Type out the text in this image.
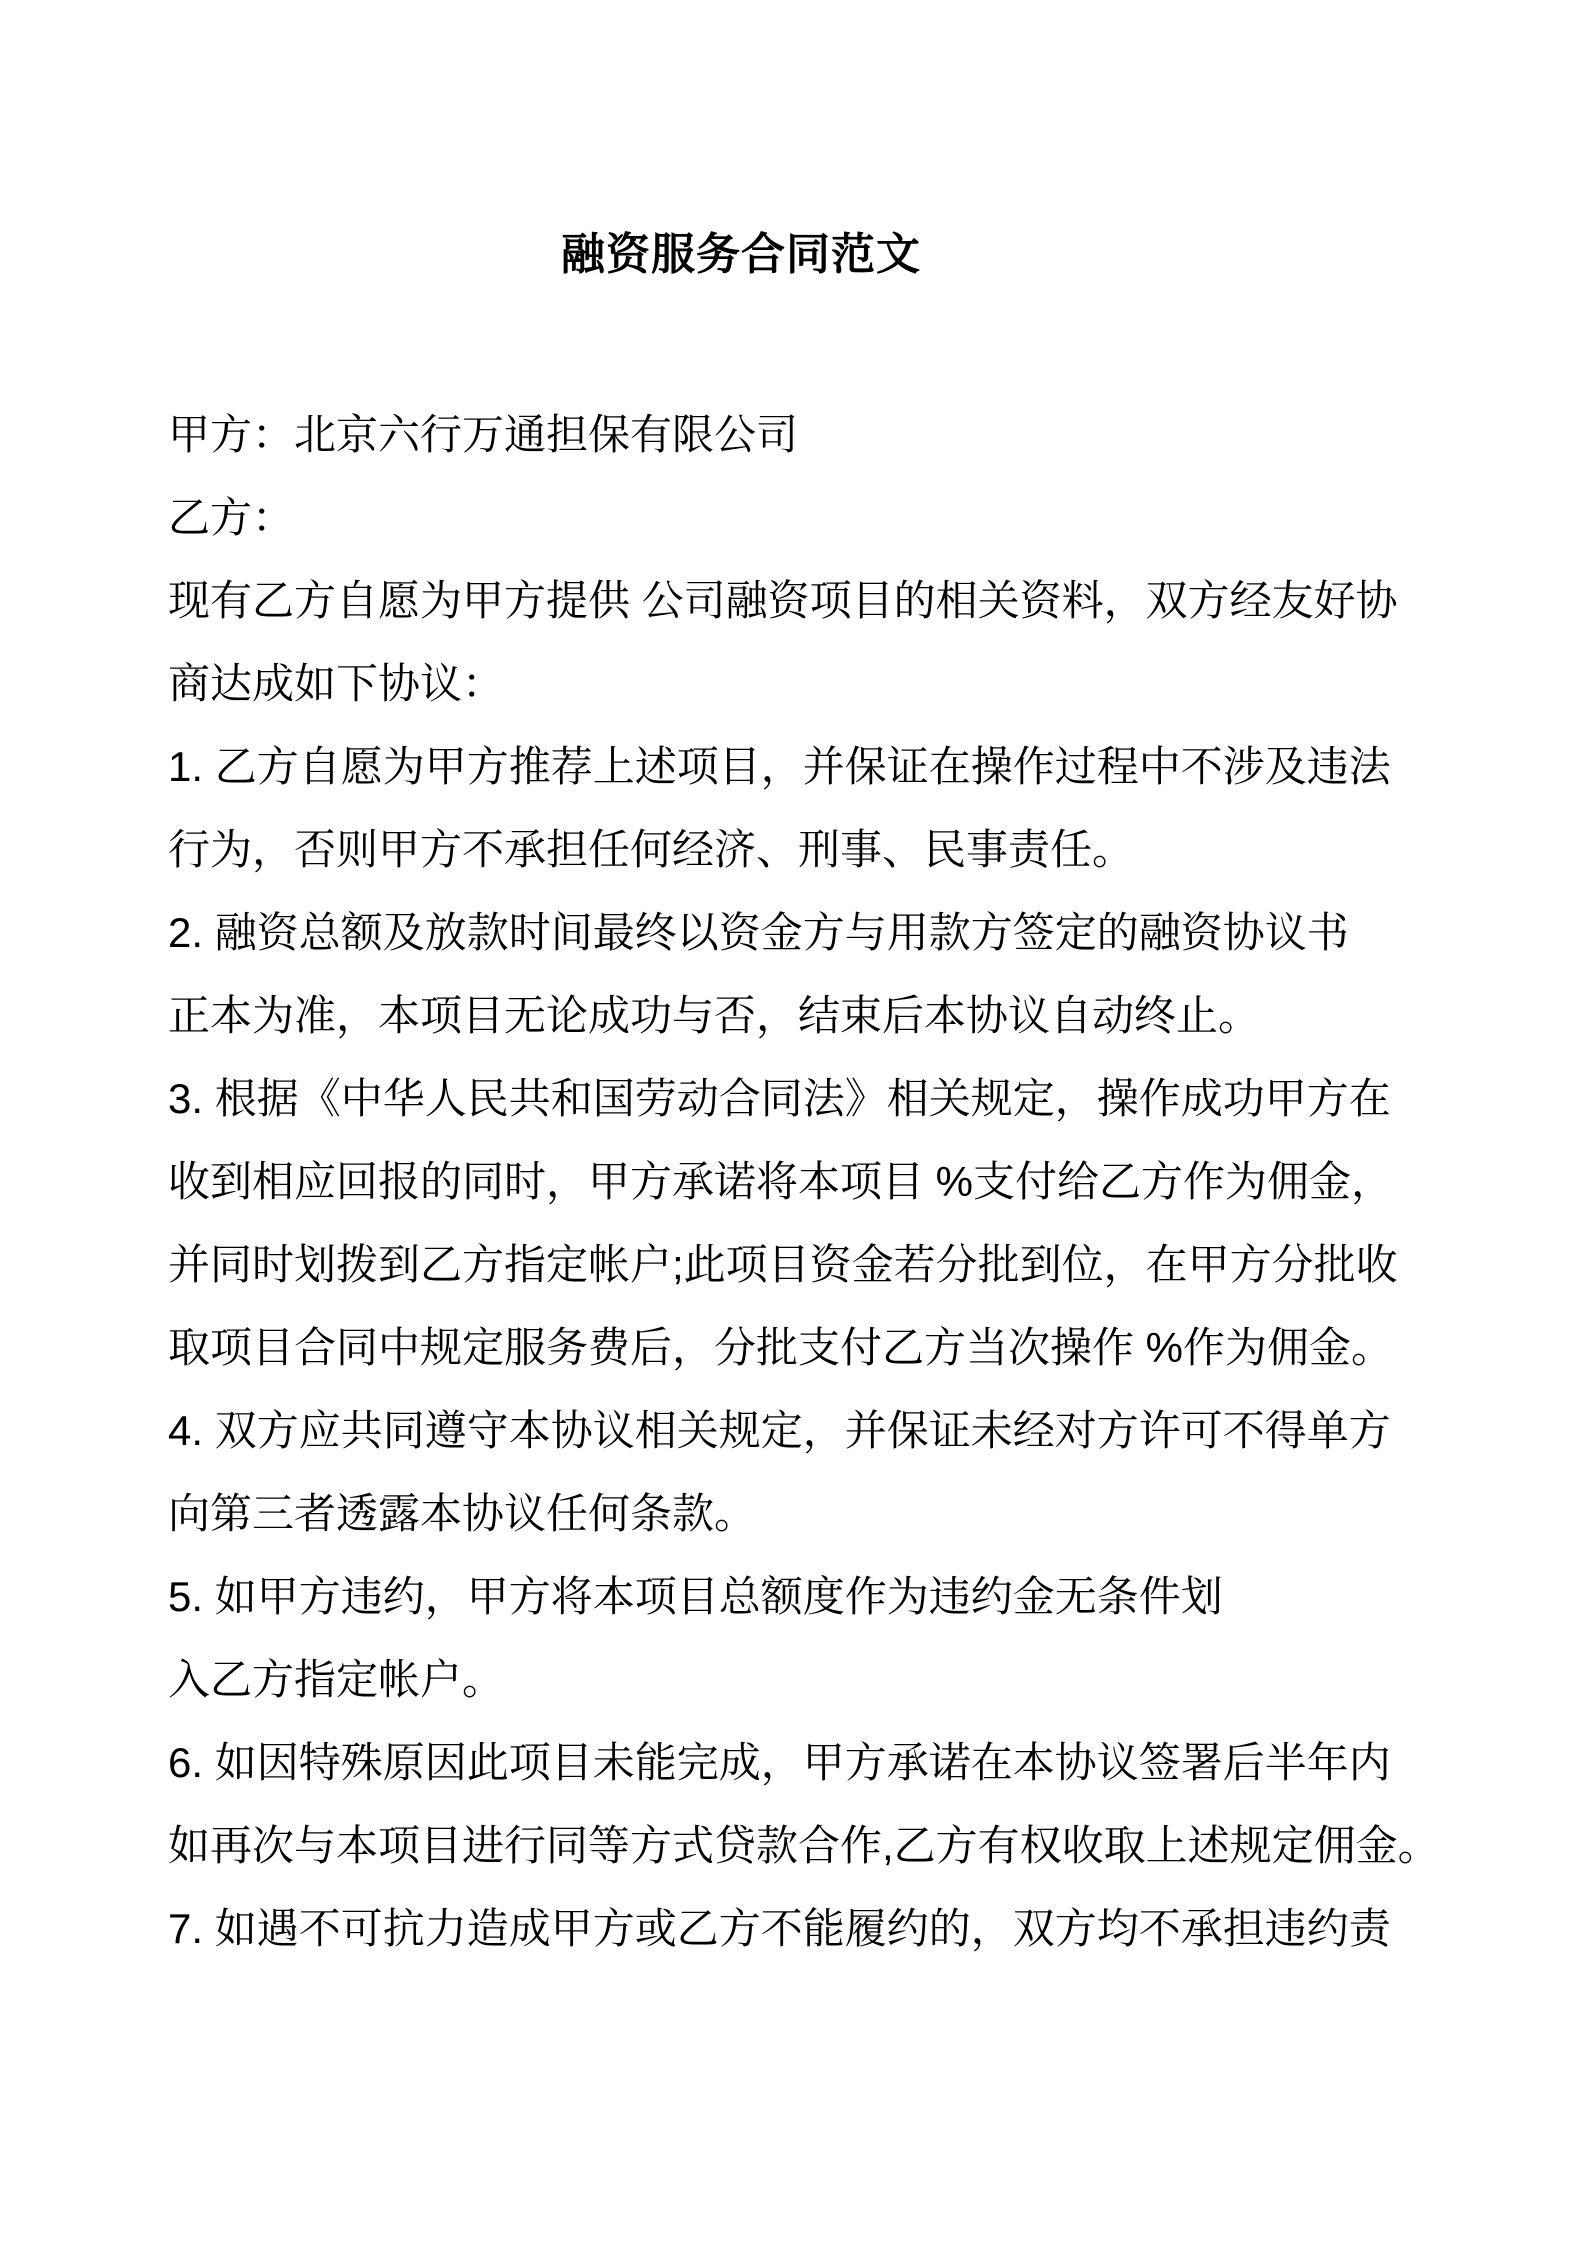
融资服务合同范文
甲方：北京六行万通担保有限公司
乙方：
现有乙方自愿为甲方提供 公司融资项目的相关资料，双方经友好协
商达成如下协议：
1. 乙方自愿为甲方推荐上述项目，并保证在操作过程中不涉及违法
行为，否则甲方不承担任何经济、刑事、民事责任。
2. 融资总额及放款时间最终以资金方与用款方签定的融资协议书
正本为准，本项目无论成功与否，结束后本协议自动终止。
3. 根据《中华人民共和国劳动合同法》相关规定，操作成功甲方在
收到相应回报的同时，甲方承诺将本项目 %支付给乙方作为佣金，
并同时划拨到乙方指定帐户;此项目资金若分批到位，在甲方分批收
取项目合同中规定服务费后，分批支付乙方当次操作 %作为佣金。
4. 双方应共同遵守本协议相关规定，并保证未经对方许可不得单方
向第三者透露本协议任何条款。
5. 如甲方违约，甲方将本项目总额度作为违约金无条件划
入乙方指定帐户。
6. 如因特殊原因此项目未能完成，甲方承诺在本协议签署后半年内
如再次与本项目进行同等方式贷款合作,乙方有权收取上述规定佣金。
7. 如遇不可抗力造成甲方或乙方不能履约的，双方均不承担违约责
